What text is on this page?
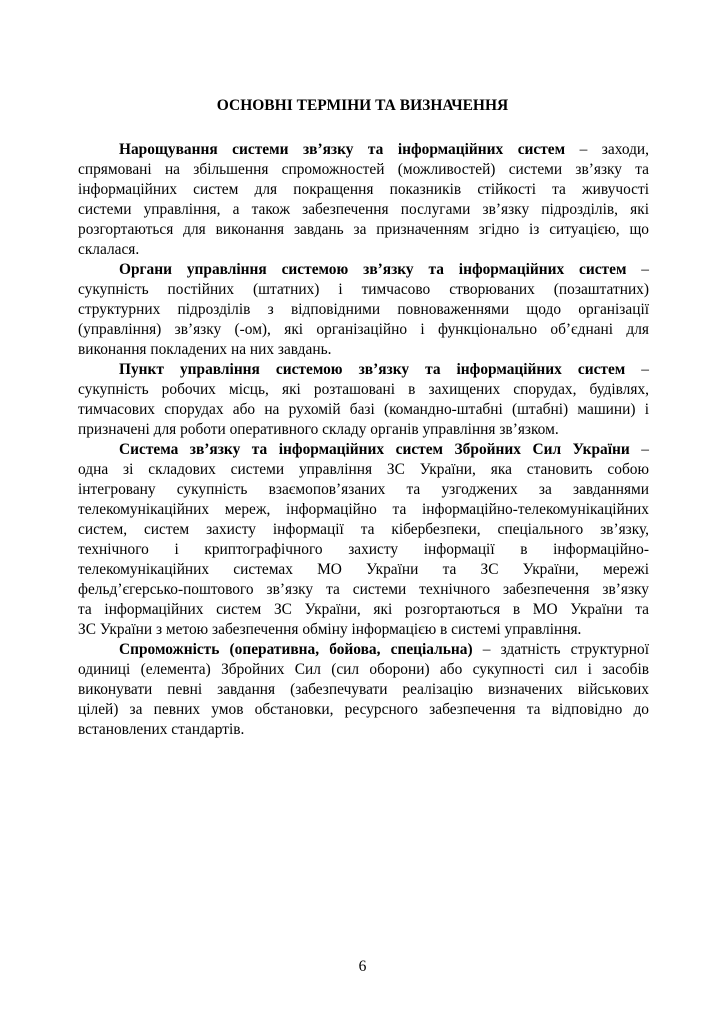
ОСНОВНІ ТЕРМІНИ ТА ВИЗНАЧЕННЯ
Нарощування системи зв’язку та інформаційних систем – заходи,
спрямовані на збільшення спроможностей (можливостей) системи зв’язку та
інформаційних систем для покращення показників стійкості та живучості
системи управління, а також забезпечення послугами зв’язку підрозділів, які
розгортаються для виконання завдань за призначенням згідно із ситуацією, що
склалася.
Органи управління системою зв’язку та інформаційних систем –
сукупність постійних (штатних) і тимчасово створюваних (позаштатних)
структурних підрозділів з відповідними повноваженнями щодо організації
(управління) зв’язку (-ом), які організаційно і функціонально об’єднані для
виконання покладених на них завдань.
Пункт управління системою зв’язку та інформаційних систем –
сукупність робочих місць, які розташовані в захищених спорудах, будівлях,
тимчасових спорудах або на рухомій базі (командно-штабні (штабні) машини) і
призначені для роботи оперативного складу органів управління зв’язком.
Система зв’язку та інформаційних систем Збройних Сил України –
одна зі складових системи управління ЗС України, яка становить собою
інтегровану сукупність взаємопов’язаних та узгоджених за завданнями
телекомунікаційних мереж, інформаційно та інформаційно-телекомунікаційних
систем, систем захисту інформації та кібербезпеки, спеціального зв’язку,
технічного і криптографічного захисту інформації в інформаційно-
телекомунікаційних системах МО України та ЗС України, мережі
фельд’єгерсько-поштового зв’язку та системи технічного забезпечення зв’язку
та інформаційних систем ЗС України, які розгортаються в МО України та
ЗС України з метою забезпечення обміну інформацією в системі управління.
Спроможність (оперативна, бойова, спеціальна) – здатність структурної
одиниці (елемента) Збройних Сил (сил оборони) або сукупності сил і засобів
виконувати певні завдання (забезпечувати реалізацію визначених військових
цілей) за певних умов обстановки, ресурсного забезпечення та відповідно до
встановлених стандартів.
6
